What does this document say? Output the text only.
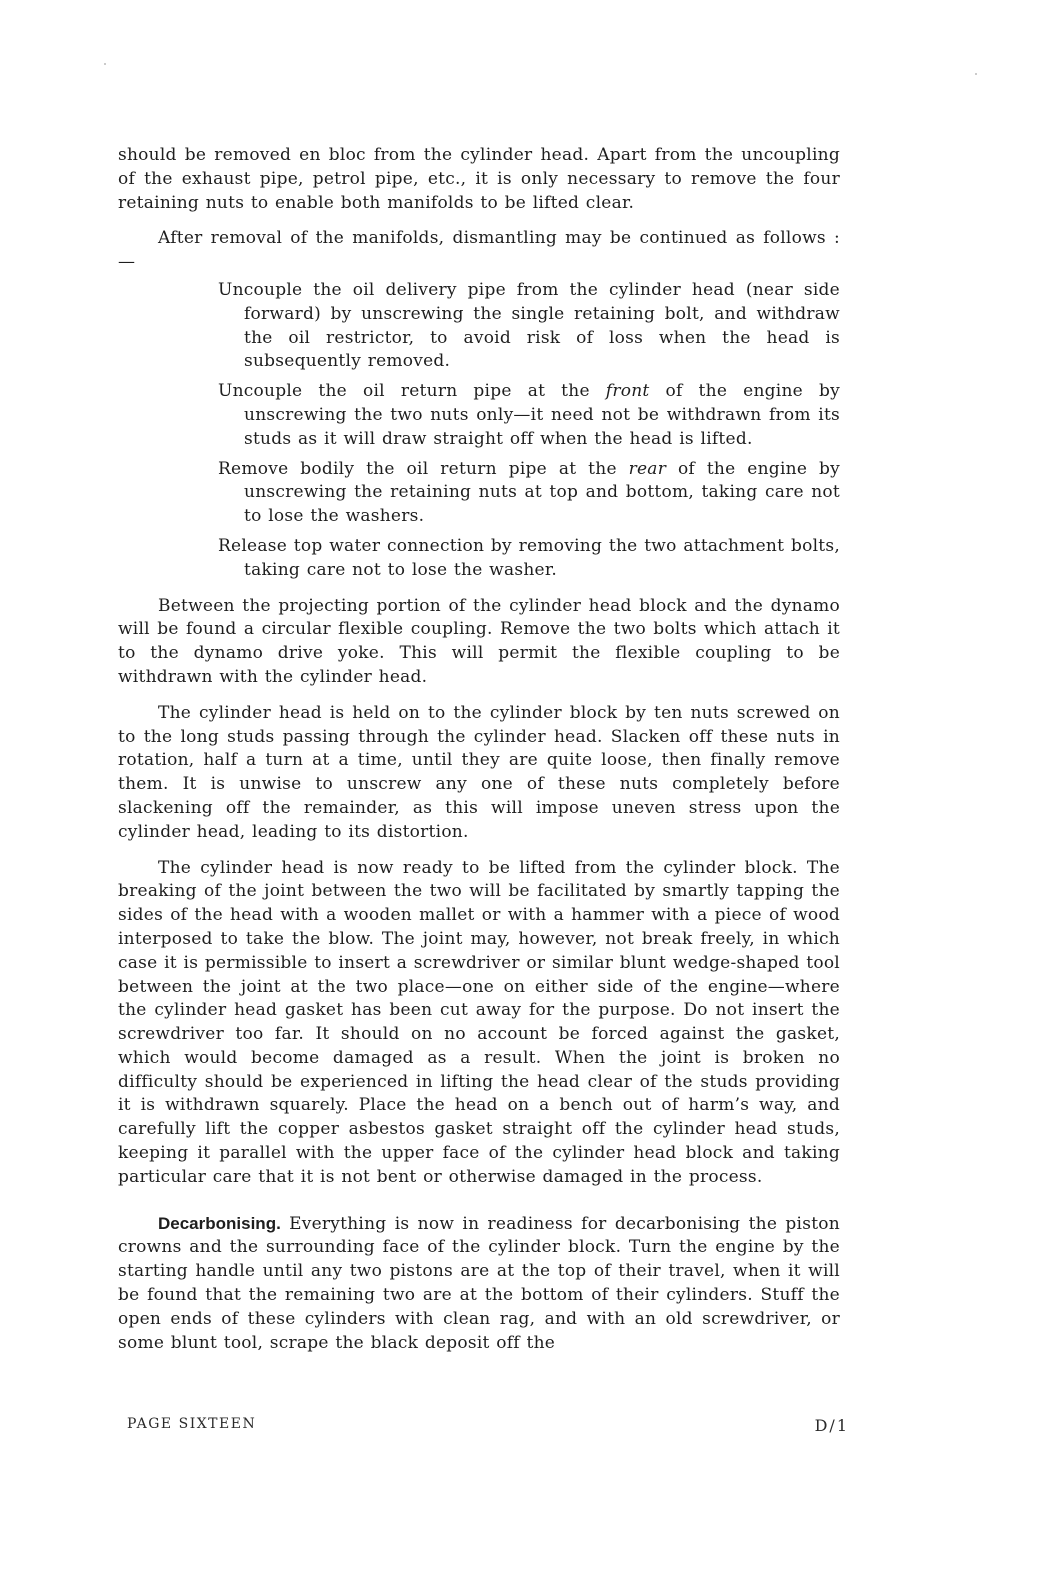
should be removed en bloc from the cylinder head. Apart from the uncoupling of the exhaust pipe, petrol pipe, etc., it is only necessary to remove the four retaining nuts to enable both manifolds to be lifted clear.

After removal of the manifolds, dismantling may be continued as follows :—

Uncouple the oil delivery pipe from the cylinder head (near side forward) by unscrewing the single retaining bolt, and withdraw the oil restrictor, to avoid risk of loss when the head is subsequently removed.
Uncouple the oil return pipe at the front of the engine by unscrewing the two nuts only—it need not be withdrawn from its studs as it will draw straight off when the head is lifted.
Remove bodily the oil return pipe at the rear of the engine by unscrewing the retaining nuts at top and bottom, taking care not to lose the washers.
Release top water connection by removing the two attachment bolts, taking care not to lose the washer.

Between the projecting portion of the cylinder head block and the dynamo will be found a circular flexible coupling. Remove the two bolts which attach it to the dynamo drive yoke. This will permit the flexible coupling to be withdrawn with the cylinder head.

The cylinder head is held on to the cylinder block by ten nuts screwed on to the long studs passing through the cylinder head. Slacken off these nuts in rotation, half a turn at a time, until they are quite loose, then finally remove them. It is unwise to unscrew any one of these nuts completely before slackening off the remainder, as this will impose uneven stress upon the cylinder head, leading to its distortion.

The cylinder head is now ready to be lifted from the cylinder block. The breaking of the joint between the two will be facilitated by smartly tapping the sides of the head with a wooden mallet or with a hammer with a piece of wood interposed to take the blow. The joint may, however, not break freely, in which case it is permissible to insert a screwdriver or similar blunt wedge-shaped tool between the joint at the two place—one on either side of the engine—where the cylinder head gasket has been cut away for the purpose. Do not insert the screwdriver too far. It should on no account be forced against the gasket, which would become damaged as a result. When the joint is broken no difficulty should be experienced in lifting the head clear of the studs providing it is withdrawn squarely. Place the head on a bench out of harm’s way, and carefully lift the copper asbestos gasket straight off the cylinder head studs, keeping it parallel with the upper face of the cylinder head block and taking particular care that it is not bent or otherwise damaged in the process.

Decarbonising. Everything is now in readiness for decarbonising the piston crowns and the surrounding face of the cylinder block. Turn the engine by the starting handle until any two pistons are at the top of their travel, when it will be found that the remaining two are at the bottom of their cylinders. Stuff the open ends of these cylinders with clean rag, and with an old screwdriver, or some blunt tool, scrape the black deposit off the

PAGE SIXTEEN	D/1
